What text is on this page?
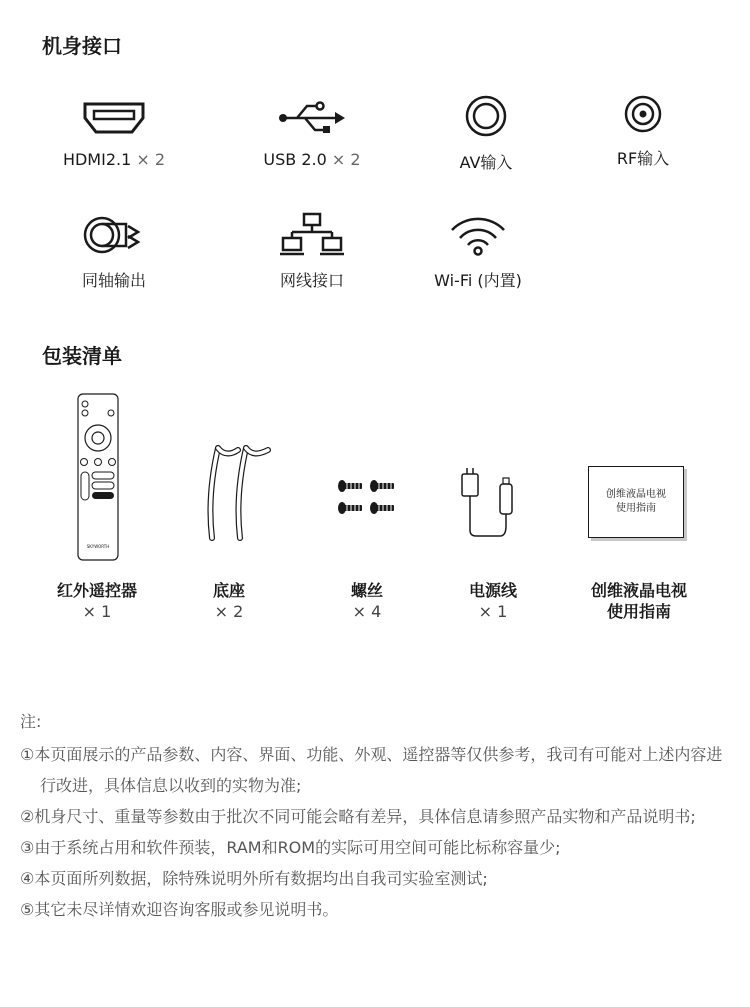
机身接口
HDMI2.1 × 2	USB 2.0 × 2	AV输入	RF输入
同轴输出	网线接口	Wi-Fi (内置)
包装清单
SKYWORTH
创维液晶电视
使用指南
红外遥控器
× 1
底座
× 2
螺丝
× 4
电源线
× 1
创维液晶电视
使用指南
注:
①本页面展示的产品参数、内容、界面、功能、外观、遥控器等仅供参考，我司有可能对上述内容进行改进，具体信息以收到的实物为准;
②机身尺寸、重量等参数由于批次不同可能会略有差异，具体信息请参照产品实物和产品说明书;
③由于系统占用和软件预装，RAM和ROM的实际可用空间可能比标称容量少;
④本页面所列数据，除特殊说明外所有数据均出自我司实验室测试;
⑤其它未尽详情欢迎咨询客服或参见说明书。
